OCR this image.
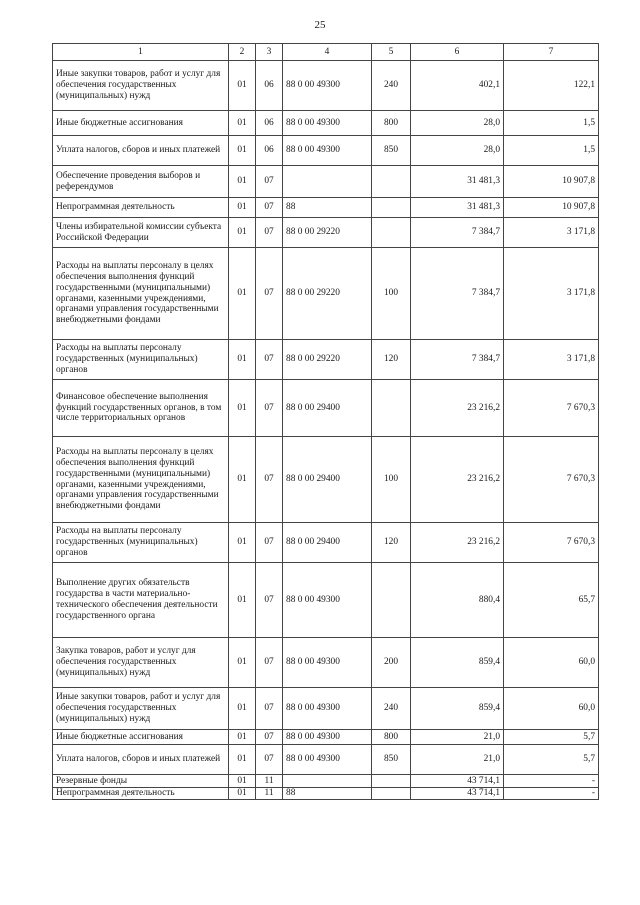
25
1	2	3	4	5	6	7
Иные закупки товаров, работ и услуг для обеспечения государственных (муниципальных) нужд	01	06	88 0 00 49300	240	402,1	122,1
Иные бюджетные ассигнования	01	06	88 0 00 49300	800	28,0	1,5
Уплата налогов, сборов и иных платежей	01	06	88 0 00 49300	850	28,0	1,5
Обеспечение проведения выборов и референдумов	01	07			31 481,3	10 907,8
Непрограммная деятельность	01	07	88		31 481,3	10 907,8
Члены избирательной комиссии субъекта Российской Федерации	01	07	88 0 00 29220		7 384,7	3 171,8
Расходы на выплаты персоналу в целях обеспечения выполнения функций государственными (муниципальными) органами, казенными учреждениями, органами управления государственными внебюджетными фондами	01	07	88 0 00 29220	100	7 384,7	3 171,8
Расходы на выплаты персоналу государственных (муниципальных) органов	01	07	88 0 00 29220	120	7 384,7	3 171,8
Финансовое обеспечение выполнения функций государственных органов, в том числе территориальных органов	01	07	88 0 00 29400		23 216,2	7 670,3
Расходы на выплаты персоналу в целях обеспечения выполнения функций государственными (муниципальными) органами, казенными учреждениями, органами управления государственными внебюджетными фондами	01	07	88 0 00 29400	100	23 216,2	7 670,3
Расходы на выплаты персоналу государственных (муниципальных) органов	01	07	88 0 00 29400	120	23 216,2	7 670,3
Выполнение других обязательств государства в части материально-технического обеспечения деятельности государственного органа	01	07	88 0 00 49300		880,4	65,7
Закупка товаров, работ и услуг для обеспечения государственных (муниципальных) нужд	01	07	88 0 00 49300	200	859,4	60,0
Иные закупки товаров, работ и услуг для обеспечения государственных (муниципальных) нужд	01	07	88 0 00 49300	240	859,4	60,0
Иные бюджетные ассигнования	01	07	88 0 00 49300	800	21,0	5,7
Уплата налогов, сборов и иных платежей	01	07	88 0 00 49300	850	21,0	5,7
Резервные фонды	01	11			43 714,1	-
Непрограммная деятельность	01	11	88		43 714,1	-
